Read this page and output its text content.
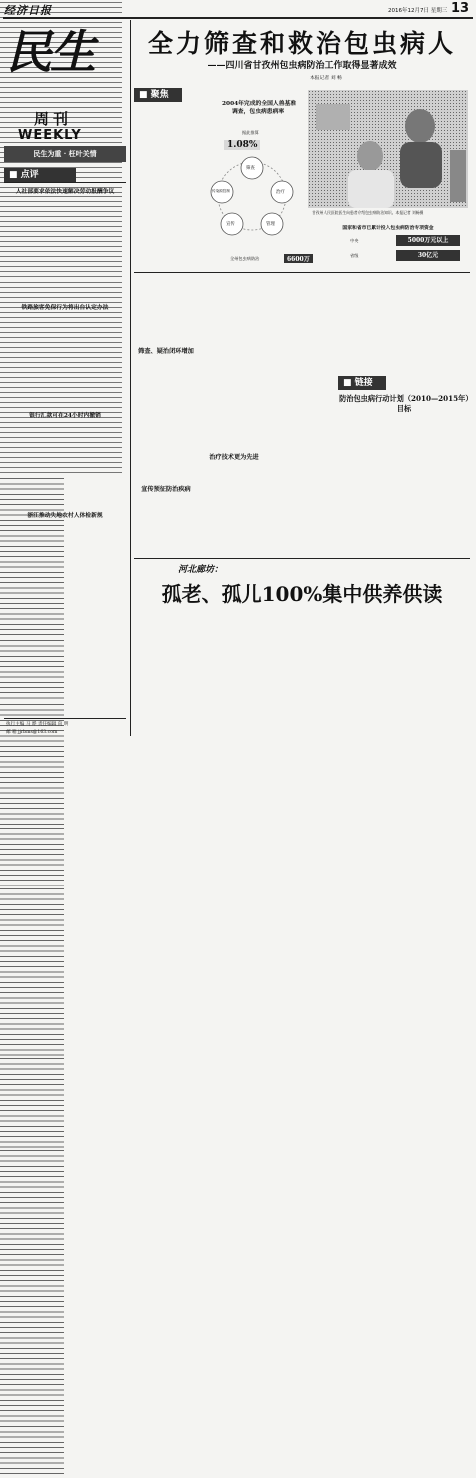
经济日报	2016年12月7日 星期三 13
民生
周刊
WEEKLY
民生为重 · 枉叶关情
■ 点评
人社部要求依法快速解决劳动报酬争议
铁路旅客免保行为将出台认定办法
银行汇款可在24小时内撤销
浙江推动失地农村人体检新规
执行主编 马 晔 责任编辑 向 明
邮 箱 jjrbms@163.com
全力筛查和救治包虫病人
——四川省甘孜州包虫病防治工作取得显著成效
本报记者 刘 畅
■ 聚焦
2004年完成的全国人兽基准
调查，包虫病患病率
据此推算
1.08%
筛查
传染源控制	治疗
宣传	管理
全州包虫病防治	6600万
甘孜州人民医院医生向患者介绍包虫病防治知识。本报记者 刘畅摄
国家和省市已累计投入包虫病防治专项资金
中央	5000万元以上
省级	30亿元
筛查、疑治闭环增加
宣传预征防治疾病
治疗技术更为先进
■ 链接
防治包虫病行动计划（2010—2015年）目标
河北廊坊：
孤老、孤儿100%集中供养供读
